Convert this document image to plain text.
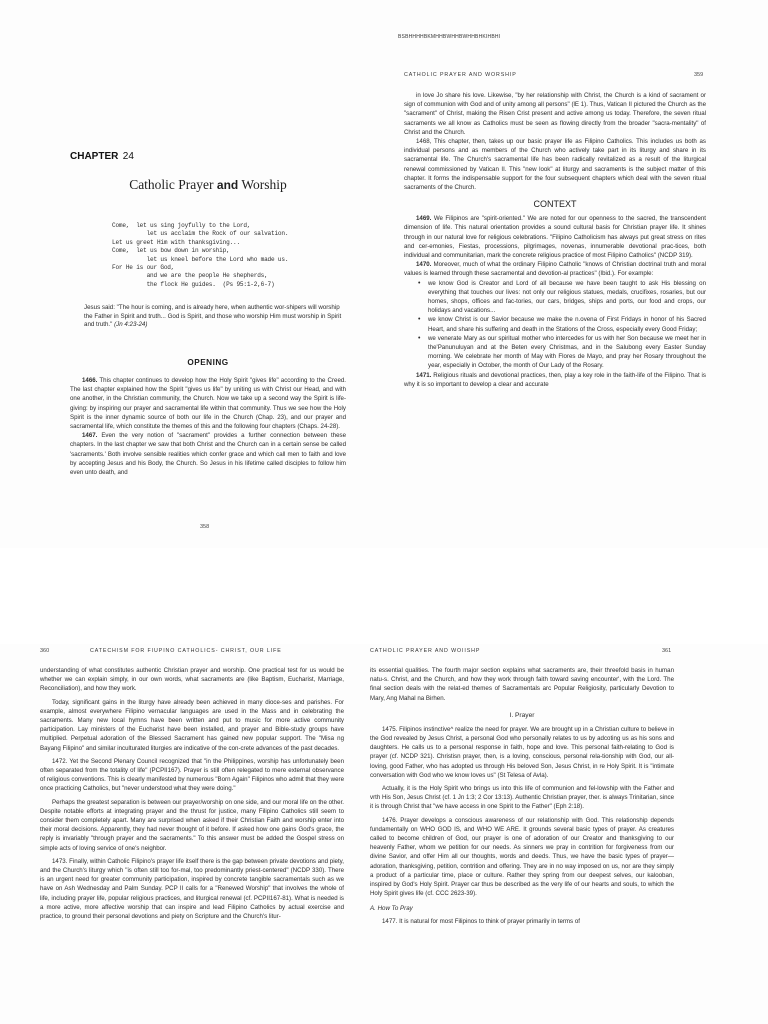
BSBHHHHBKMHHBWHHBWHHBHKIHBHI
CHAPTER 24
Catholic Prayer and Worship
Come,  let us sing joyfully to the Lord,
let us acclaim the Rock of our salvation.
Let us greet Him with thanksgiving...
Come,  let us bow down in worship,
let us kneel before the Lord who made us.
For He is our God,
and we are the people He shepherds,
the flock He guides.  (Ps 95:1-2,6-7)
Jesus said: "The hour is coming, and is already here, when authentic wor-shipers will worship the Father in Spirit and truth... God is Spirit, and those who worship Him must worship in Spirit and truth." (Jn 4:23-24)
OPENING

1466. This chapter continues to develop how the Holy Spirit "gives life" according to the Creed. The last chapter explained how the Spirit "gives us life" by uniting us with Christ our Head, and with one another, in the Christian community, the Church. Now we take up a second way the Spirit is life-giving: by inspiring our prayer and sacramental life within that community. Thus we see how the Holy Spirit is the inner dynamic source of both our life in the Church (Chap. 23), and our prayer and sacramental life, which constitute the themes of this and the following four chapters (Chaps. 24-28).

1467. Even the very notion of "sacrament" provides a further connection between these chapters. In the last chapter we saw that both Christ and the Church can in a certain sense be called 'sacraments.' Both involve sensible realities which confer grace and which call men to faith and love by accepting Jesus and his Body, the Church. So Jesus in his lifetime called disciples to follow him even unto death, and

358
CATHOLIC PRAYER AND WORSHIP	359

in love Jo share his love. Likewise, "by her relationship with Christ, the Church is a kind of sacrament or sign of communion with God and of unity among all persons" (lE 1). Thus, Vatican II pictured the Church as the "sacrament" of Christ, making the Risen Crist present and active among us today. Therefore, the seven ritual sacraments we all know as Catholics must be seen as flowing directly from the broader "sacra-mentality" of Christ and the Church.

1468, This chapter, then, takes up our basic prayer life as Filipino Catholics. This includes us both as individual persons and as members of the Church who actively take part in its liturgy and share in its sacramental life. The Church's sacramental life has been radically revitalized as a result of the liturgical renewal commissioned by Vatican II. This "new look" at liturgy and sacraments is the subject matter of this chapter. It forms the indispensable support for the four subsequent chapters which deal with the seven ritual sacraments of the Church.

CONTEXT

1469. We Filipinos are "spirit-oriented." We are noted for our openness to the sacred, the transcendent dimension of life. This natural orientation provides a sound cultural basis for Christian prayer life. It shines through in our natural love for religious celebrations. "Filipino Catholicism has always put great stress on rites and cer-emonies, Fiestas, processions, pilgrimages, novenas, innumerable devotional prac-tices, both individual and communitarian, mark the concrete religious practice of most Filipino Catholics" (NCDP 319).

1470. Moreover, much of what the ordinary Filipino Catholic "knows of Christian doctrinal truth and moral values is learned through these sacramental and devotion-al practices" (Ibid.). For example:

• we know God is Creator and Lord of all because we have been taught to ask His blessing on everything that touches our lives: not only our religious statues, medals, crucifixes, rosaries, but our homes, shops, offices and fac-tories, our cars, bridges, ships and ports, our food and crops, our holidays and vacations...
• we know Christ is our Savior because we make the n.ovena of First Fridays in honor of his Sacred Heart, and share his suffering and death in the Stations of the Cross, especially every Good Friday;
• we venerate Mary as our spiritual mother who intercedes for us with her Son because we meet her in the'Panunuluyan and at the Beten every Christmas, and in the Salubong every Easter Sunday morning. We celebrate her month of May with Flores de Mayo, and pray her Rosary throughout the year, especially in October, the month of Our Lady of the Rosary.

1471. Religious rituals and devotional practices, then, play a key role in the faith-life of the Filipino. That is why it is so important to develop a clear and accurate

360	CATECHISM FOR FIUPINO CATHOLICS- CHRIST, OUR LIFE

understanding of what constitutes authentic Christian prayer and worship. One practical test for us would be whether we can explain simply, in our own words, what sacraments are (like Baptism, Eucharist, Marriage, Reconciliation), and how they work.

Today, significant gains in the liturgy have already been achieved in many dioce-ses and parishes. For example, almost everywhere Filipino vernacular languages are used in the Mass and in celebrating the sacraments. Many new local hymns have been written and put to music for more active community participation. Lay ministers of the Eucharist have been installed, and prayer and Bible-study groups have multiplied. Perpetual adoration of the Blessed Sacrament has gained new popular support. The "Misa ng Bayang Filipino" and similar inculturated liturgies are indicative of the con-crete advances of the past decades.

1472. Yet the Second Plenary Council recognized that "in the Philippines, worship has unfortunately been often separated from the totality of life" (PCPII167). Prayer is still often relegated to mere external observance of religious conventions. This is clearly manifested by numerous "Born Again" Filipinos who admit that they were once practicing Catholics, but "never understood what they were doing."

Perhaps the greatest separation is between our prayer/worship on one side, and our moral life on the other. Despite notable efforts at integrating prayer and the thrust for justice, many Filipino Catholics still seem to consider them completely apart. Many are surprised when asked if their Christian Faith and worship enter into their moral decisions. Apparently, they had never thought of it before. If asked how one gains God's grace, the reply is invariably "through prayer and the sacraments." To this answer must be added the Gospel stress on simple acts of loving service of one's neighbor.

1473. Finally, within Catholic Filipino's prayer life itself there is the gap between private devotions and piety, and the Church's liturgy which "is often still too for-mal, too predominantly priest-centered" (NCDP 330). There is an urgent need for greater community participation, inspired by concrete tangible sacramentals such as we have on Ash Wednesday and Palm Sunday. PCP II calls for a "Renewed Worship" that involves the whole of life, including prayer life, popular religious practices, and liturgical renewal (cf. PCPII167-81). What is needed is a more active, more affective worship that can inspire and lead Filipino Catholics by actual exercise and practice, to ground their personal devotions and piety on Scripture and the Church's litur-

CATHOLIC PRAYER AND WOIISHP	361

its essential qualities. The fourth major section explains what sacraments are, their threefold basis in human natu-s. Christ, and the Church, and how they work through faith toward saving encounter', with the Lord. The final section deals with the relat-ed themes of Sacramentals arc Popular Religiosity, particularly Devotion to Mary, Ang Mahal na Birhen.

I. Prayer

1475. Filipinos instinctive^ realize the need for prayer. We are brought up in a Christian culture to believe in the God revealed by Jesus Christ, a personal God who personally relates to us by adcoting us as his sons and daughters. He calls us to a personal response in faith, hope and love. This personal faith-relating to God is prayer (cf. NCDP 321). Christisn prayer, then, is a loving, conscious, personal rela-tionship with God, our all-loving, good Father, who has adopted us through His beloved Son, Jesus Christ, in re Holy Spirit. It is "intimate conversation with God who we know loves us" (St Telesa of Avla).

Actually, it is the Holy Spirit who brings us into this life of communion and fel-lowship with the Father and vrth His Son, Jesus Christ (cf. 1 Jn 1:3; 2 Cor 13:13). Authentic Christian prayer, ther. is always Trinitarian, since it is through Christ that "we have access in one Spirit to the Father" (Eph 2:18).

1476. Prayer develops a conscious awareness of our relationship with God. This relationship depends fundamentally on WHO GOD IS, and WHO WE ARE. It grounds several basic types of prayer. As creatures called to become children of God, our prayer is one of adoration of our Creator and thanksgiving to our heavenly Father, whom we petition for our needs. As sinners we pray in contrition for forgiveness from our divine Savior, and offer Him all our thoughts, words and deeds. Thus, we have the basic types of prayer—adoration, thanksgiving, petition, contrition and offering. They are in no way imposed on us, nor are they simply a product of a particular time, place or culture. Rather they spring from our deepest selves, our kalooban, inspired by God's Holy Spirit. Prayer car thus be described as the very life of our hearts and souls, to which the Holy Spirit gives life (cf. CCC 2623-39).

A. How To Pray

1477. It is natural for most Filipinos to think of prayer primarily in terms of
